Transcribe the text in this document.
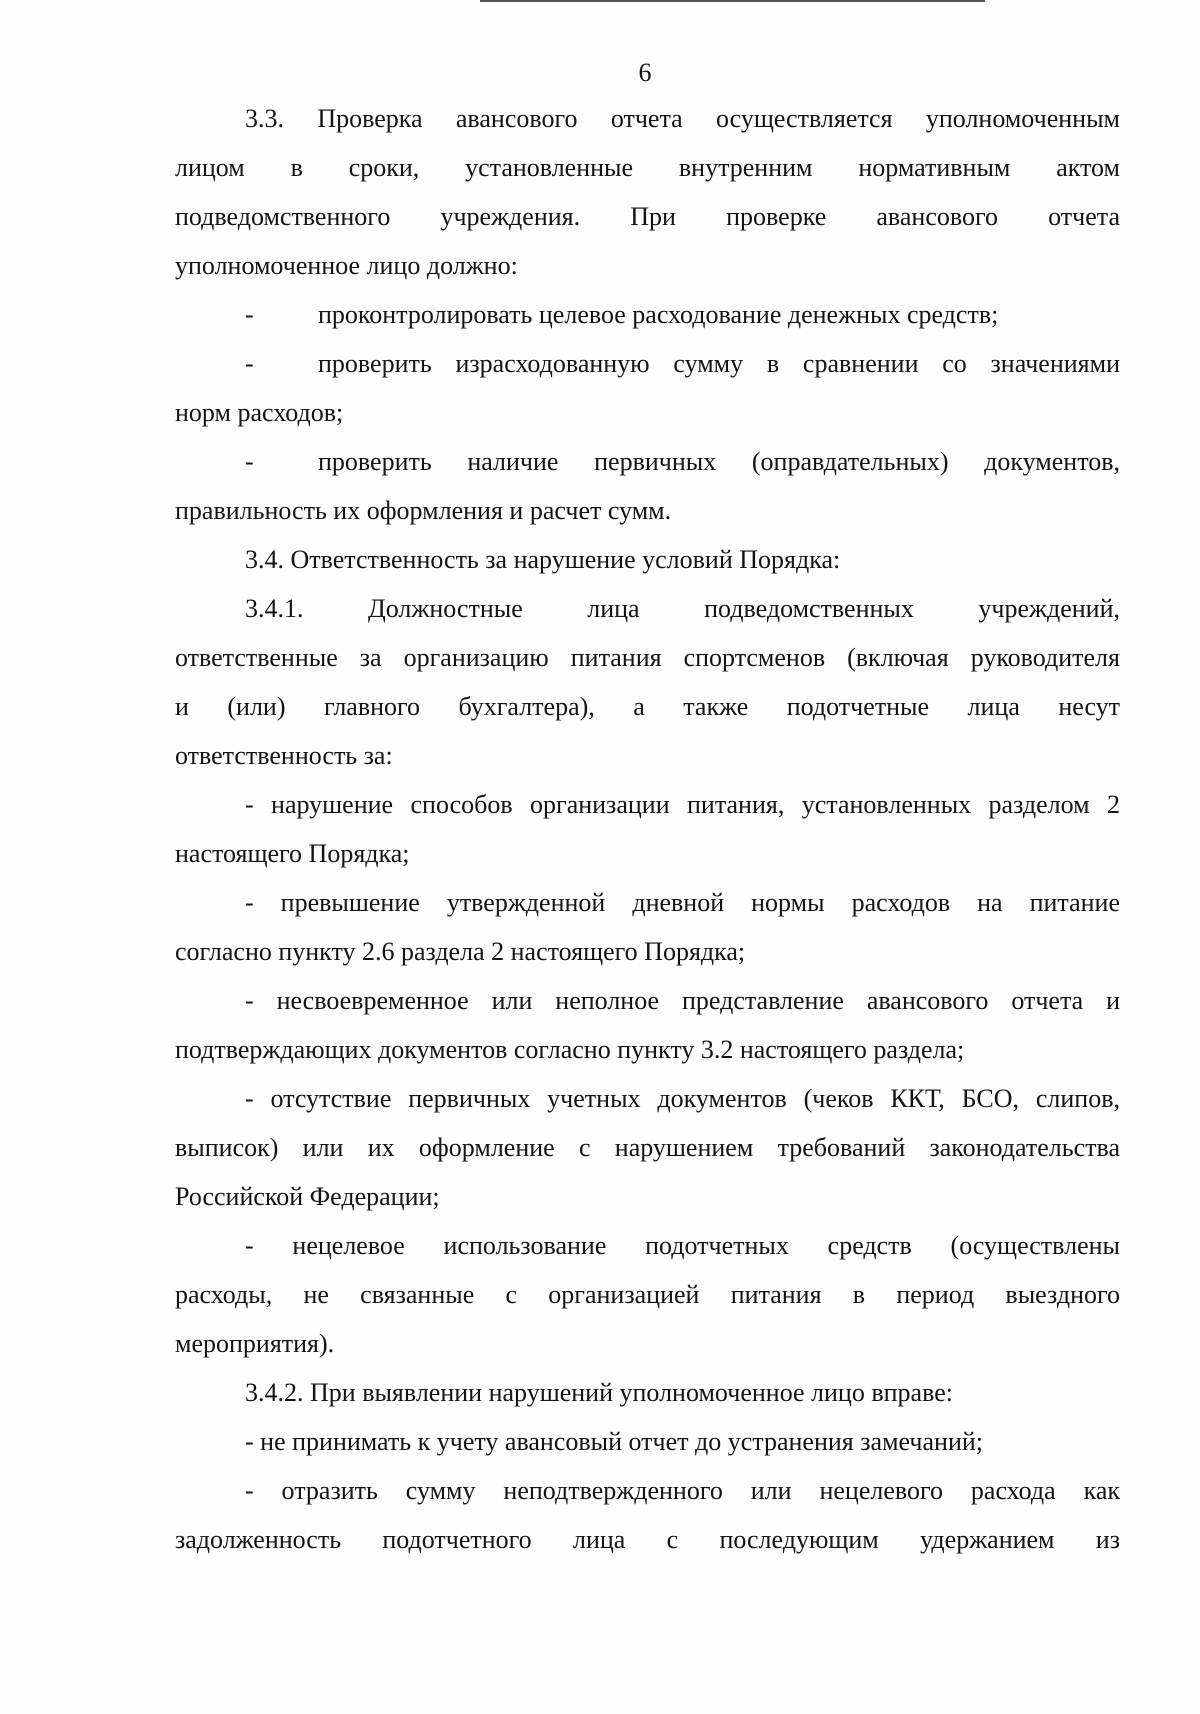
6
3.3. Проверка авансового отчета осуществляется уполномоченным
лицом в сроки, установленные внутренним нормативным актом
подведомственного учреждения. При проверке авансового отчета
уполномоченное лицо должно:
- проконтролировать целевое расходование денежных средств;
- проверить израсходованную сумму в сравнении со значениями
норм расходов;
- проверить наличие первичных (оправдательных) документов,
правильность их оформления и расчет сумм.
3.4. Ответственность за нарушение условий Порядка:
3.4.1. Должностные лица подведомственных учреждений,
ответственные за организацию питания спортсменов (включая руководителя
и (или) главного бухгалтера), а также подотчетные лица несут
ответственность за:
- нарушение способов организации питания, установленных разделом 2
настоящего Порядка;
- превышение утвержденной дневной нормы расходов на питание
согласно пункту 2.6 раздела 2 настоящего Порядка;
- несвоевременное или неполное представление авансового отчета и
подтверждающих документов согласно пункту 3.2 настоящего раздела;
- отсутствие первичных учетных документов (чеков ККТ, БСО, слипов,
выписок) или их оформление с нарушением требований законодательства
Российской Федерации;
- нецелевое использование подотчетных средств (осуществлены
расходы, не связанные с организацией питания в период выездного
мероприятия).
3.4.2. При выявлении нарушений уполномоченное лицо вправе:
- не принимать к учету авансовый отчет до устранения замечаний;
- отразить сумму неподтвержденного или нецелевого расхода как
задолженность подотчетного лица с последующим удержанием из
